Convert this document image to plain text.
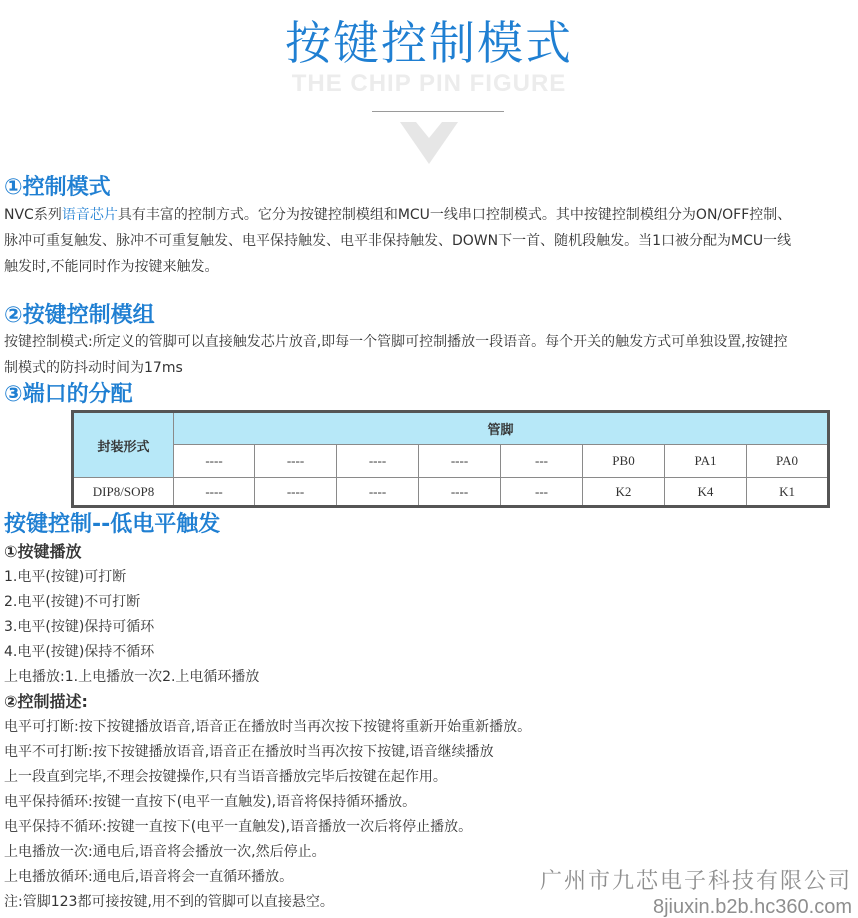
按键控制模式
THE CHIP PIN FIGURE
①控制模式
NVC系列语音芯片具有丰富的控制方式。它分为按键控制模组和MCU一线串口控制模式。其中按键控制模组分为ON/OFF控制、脉冲可重复触发、脉冲不可重复触发、电平保持触发、电平非保持触发、DOWN下一首、随机段触发。当1口被分配为MCU一线触发时,不能同时作为按键来触发。
②按键控制模组
按键控制模式:所定义的管脚可以直接触发芯片放音,即每一个管脚可控制播放一段语音。每个开关的触发方式可单独设置,按键控制模式的防抖动时间为17ms
③端口的分配
封装形式	管脚							
	----	----	----	----	---	PB0	PA1	PA0
DIP8/SOP8	----	----	----	----	---	K2	K4	K1
按键控制--低电平触发
①按键播放
1.电平(按键)可打断
2.电平(按键)不可打断
3.电平(按键)保持可循环
4.电平(按键)保持不循环
上电播放:1.上电播放一次2.上电循环播放
②控制描述:
电平可打断:按下按键播放语音,语音正在播放时当再次按下按键将重新开始重新播放。
电平不可打断:按下按键播放语音,语音正在播放时当再次按下按键,语音继续播放
上一段直到完毕,不理会按键操作,只有当语音播放完毕后按键在起作用。
电平保持循环:按键一直按下(电平一直触发),语音将保持循环播放。
电平保持不循环:按键一直按下(电平一直触发),语音播放一次后将停止播放。
上电播放一次:通电后,语音将会播放一次,然后停止。
上电播放循环:通电后,语音将会一直循环播放。
注:管脚123都可接按键,用不到的管脚可以直接悬空。
广州市九芯电子科技有限公司
8jiuxin.b2b.hc360.com
